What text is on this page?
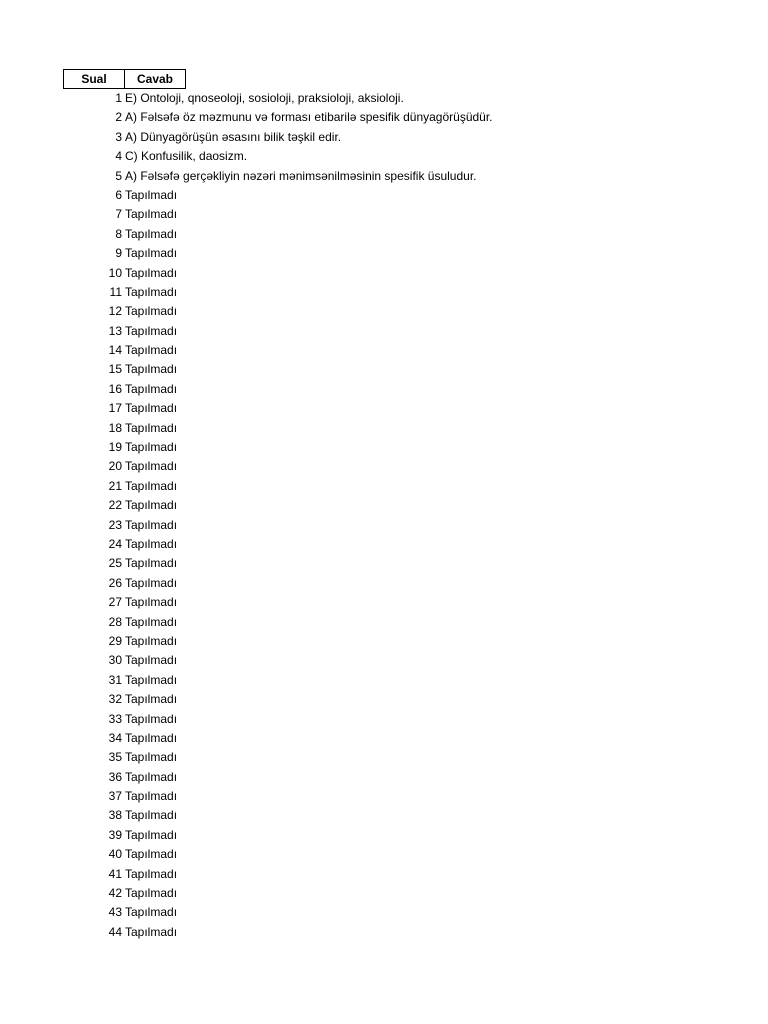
Sual	Cavab
1 E) Ontoloji, qnoseoloji, sosioloji, praksioloji, aksioloji.
2 A) Fəlsəfə öz məzmunu və forması etibarilə spesifik dünyagörüşüdür.
3 A) Dünyagörüşün əsasını bilik təşkil edir.
4 C) Konfusilik, daosizm.
5 A) Fəlsəfə gerçəkliyin nəzəri mənimsənilməsinin spesifik üsuludur.
6 Tapılmadı
7 Tapılmadı
8 Tapılmadı
9 Tapılmadı
10 Tapılmadı
11 Tapılmadı
12 Tapılmadı
13 Tapılmadı
14 Tapılmadı
15 Tapılmadı
16 Tapılmadı
17 Tapılmadı
18 Tapılmadı
19 Tapılmadı
20 Tapılmadı
21 Tapılmadı
22 Tapılmadı
23 Tapılmadı
24 Tapılmadı
25 Tapılmadı
26 Tapılmadı
27 Tapılmadı
28 Tapılmadı
29 Tapılmadı
30 Tapılmadı
31 Tapılmadı
32 Tapılmadı
33 Tapılmadı
34 Tapılmadı
35 Tapılmadı
36 Tapılmadı
37 Tapılmadı
38 Tapılmadı
39 Tapılmadı
40 Tapılmadı
41 Tapılmadı
42 Tapılmadı
43 Tapılmadı
44 Tapılmadı
